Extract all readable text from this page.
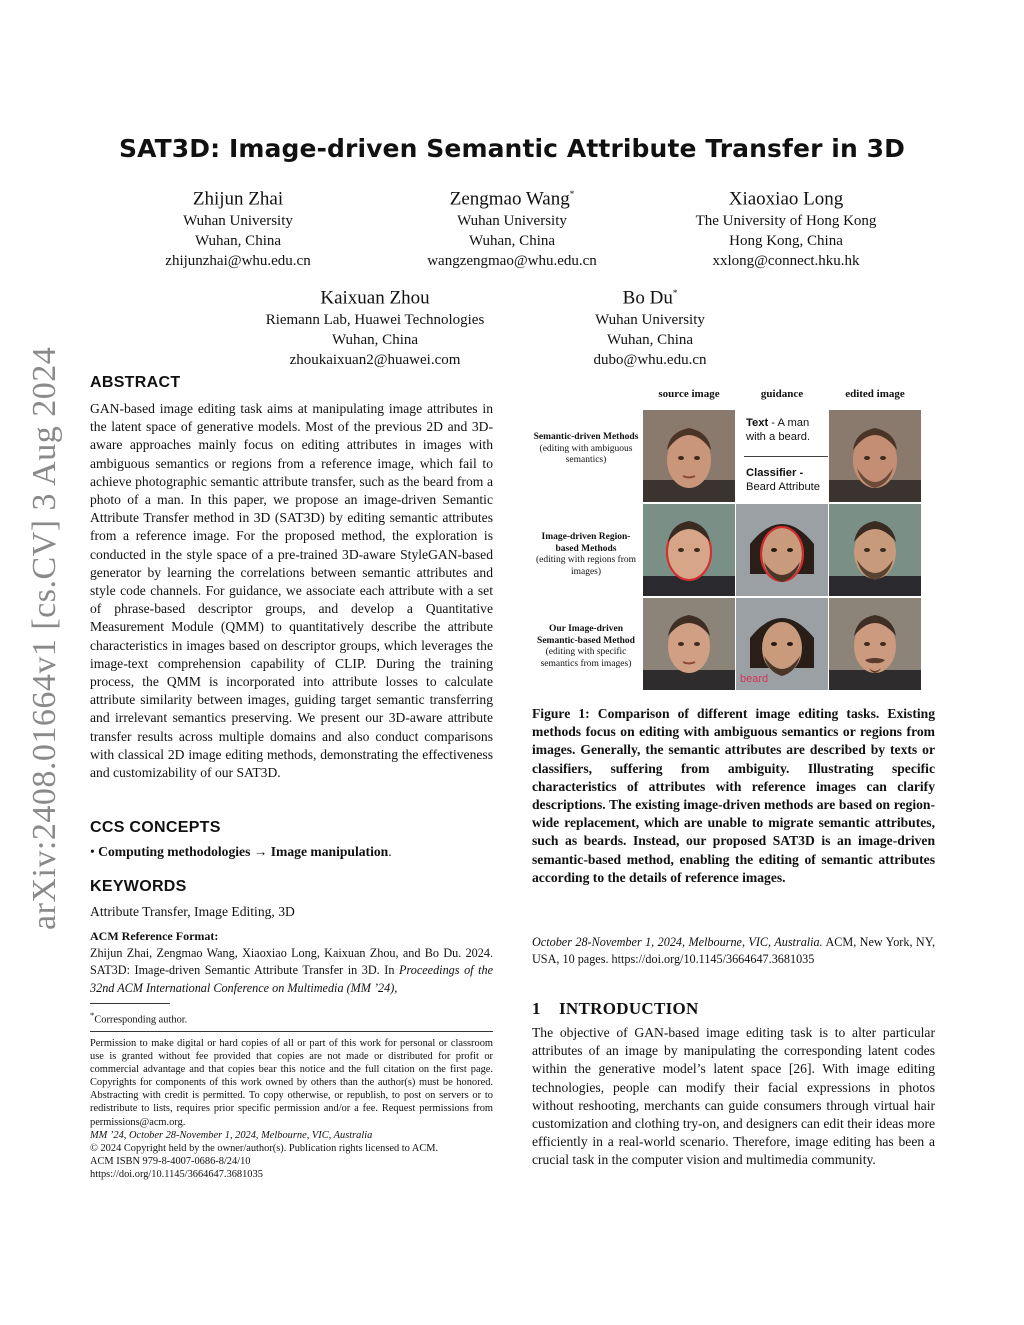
arXiv:2408.01664v1 [cs.CV] 3 Aug 2024
SAT3D: Image-driven Semantic Attribute Transfer in 3D
Zhijun Zhai
Wuhan University
Wuhan, China
zhijunzhai@whu.edu.cn
Zengmao Wang*
Wuhan University
Wuhan, China
wangzengmao@whu.edu.cn
Xiaoxiao Long
The University of Hong Kong
Hong Kong, China
xxlong@connect.hku.hk
Kaixuan Zhou
Riemann Lab, Huawei Technologies
Wuhan, China
zhoukaixuan2@huawei.com
Bo Du*
Wuhan University
Wuhan, China
dubo@whu.edu.cn
ABSTRACT
GAN-based image editing task aims at manipulating image attributes in the latent space of generative models. Most of the previous 2D and 3D-aware approaches mainly focus on editing attributes in images with ambiguous semantics or regions from a reference image, which fail to achieve photographic semantic attribute transfer, such as the beard from a photo of a man. In this paper, we propose an image-driven Semantic Attribute Transfer method in 3D (SAT3D) by editing semantic attributes from a reference image. For the proposed method, the exploration is conducted in the style space of a pre-trained 3D-aware StyleGAN-based generator by learning the correlations between semantic attributes and style code channels. For guidance, we associate each attribute with a set of phrase-based descriptor groups, and develop a Quantitative Measurement Module (QMM) to quantitatively describe the attribute characteristics in images based on descriptor groups, which leverages the image-text comprehension capability of CLIP. During the training process, the QMM is incorporated into attribute losses to calculate attribute similarity between images, guiding target semantic transferring and irrelevant semantics preserving. We present our 3D-aware attribute transfer results across multiple domains and also conduct comparisons with classical 2D image editing methods, demonstrating the effectiveness and customizability of our SAT3D.
CCS CONCEPTS
• Computing methodologies → Image manipulation.
KEYWORDS
Attribute Transfer, Image Editing, 3D
ACM Reference Format:
Zhijun Zhai, Zengmao Wang, Xiaoxiao Long, Kaixuan Zhou, and Bo Du. 2024. SAT3D: Image-driven Semantic Attribute Transfer in 3D. In Proceedings of the 32nd ACM International Conference on Multimedia (MM ’24),
*Corresponding author.
Permission to make digital or hard copies of all or part of this work for personal or classroom use is granted without fee provided that copies are not made or distributed for profit or commercial advantage and that copies bear this notice and the full citation on the first page. Copyrights for components of this work owned by others than the author(s) must be honored. Abstracting with credit is permitted. To copy otherwise, or republish, to post on servers or to redistribute to lists, requires prior specific permission and/or a fee. Request permissions from permissions@acm.org.
MM ’24, October 28-November 1, 2024, Melbourne, VIC, Australia
© 2024 Copyright held by the owner/author(s). Publication rights licensed to ACM.
ACM ISBN 979-8-4007-0686-8/24/10
https://doi.org/10.1145/3664647.3681035
source image	guidance	edited image
Semantic-driven Methods
(editing with ambiguous semantics)
Image-driven Region-based Methods
(editing with regions from images)
Our Image-driven Semantic-based Method
(editing with specific semantics from images)
Text - A man with a beard.
Classifier -
Beard Attribute
beard
Figure 1: Comparison of different image editing tasks. Existing methods focus on editing with ambiguous semantics or regions from images. Generally, the semantic attributes are described by texts or classifiers, suffering from ambiguity. Illustrating specific characteristics of attributes with reference images can clarify descriptions. The existing image-driven methods are based on region-wide replacement, which are unable to migrate semantic attributes, such as beards. Instead, our proposed SAT3D is an image-driven semantic-based method, enabling the editing of semantic attributes according to the details of reference images.
October 28-November 1, 2024, Melbourne, VIC, Australia. ACM, New York, NY, USA, 10 pages. https://doi.org/10.1145/3664647.3681035
1 INTRODUCTION
The objective of GAN-based image editing task is to alter particular attributes of an image by manipulating the corresponding latent codes within the generative model’s latent space [26]. With image editing technologies, people can modify their facial expressions in photos without reshooting, merchants can guide consumers through virtual hair customization and clothing try-on, and designers can edit their ideas more efficiently in a real-world scenario. Therefore, image editing has been a crucial task in the computer vision and multimedia community.
